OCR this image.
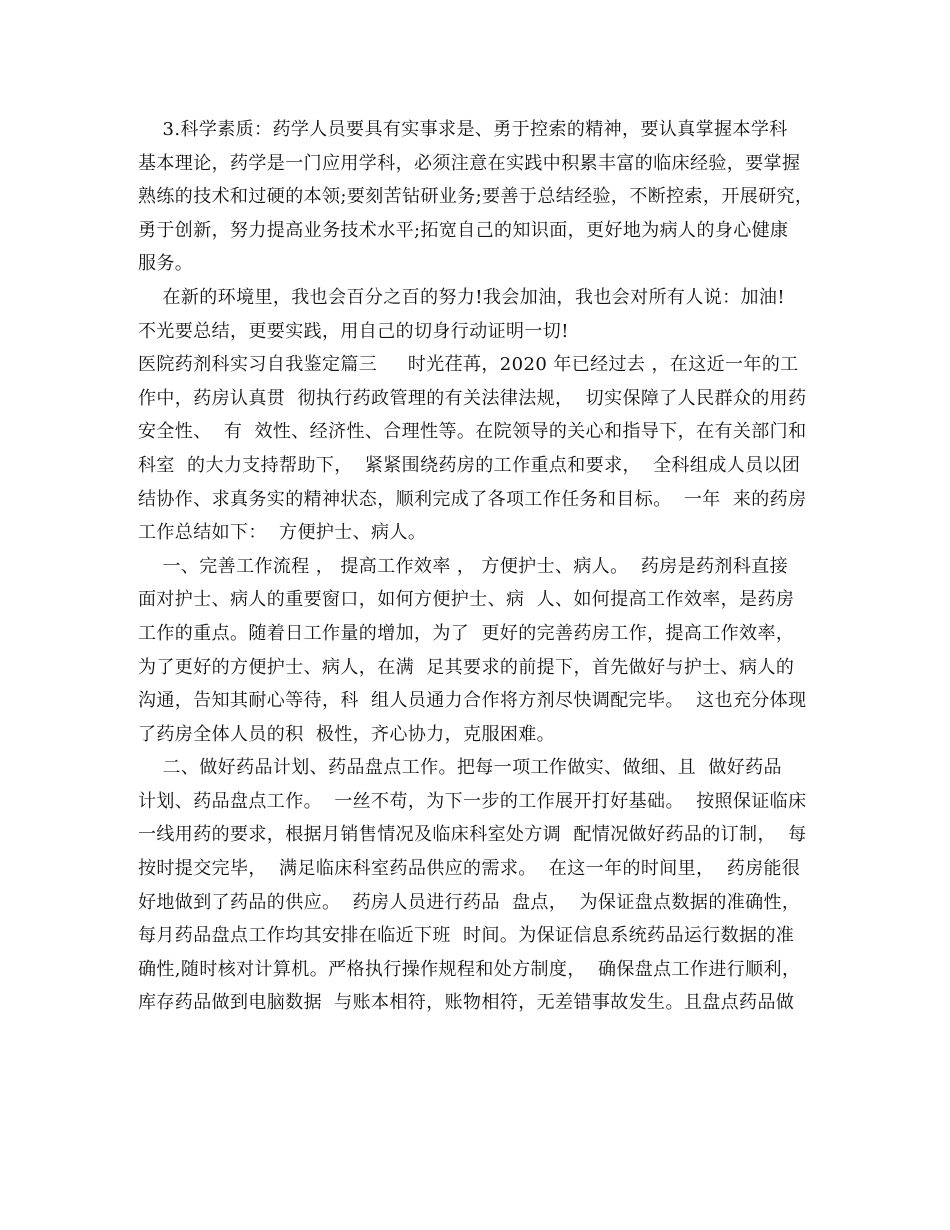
3.科学素质：药学人员要具有实事求是、勇于控索的精神，要认真掌握本学科
基本理论，药学是一门应用学科，必须注意在实践中积累丰富的临床经验，要掌握
熟练的技术和过硬的本领;要刻苦钻研业务;要善于总结经验，不断控索，开展研究，
勇于创新，努力提高业务技术水平;拓宽自己的知识面，更好地为病人的身心健康
服务。
在新的环境里，我也会百分之百的努力!我会加油，我也会对所有人说：加油!
不光要总结，更要实践，用自己的切身行动证明一切!
医院药剂科实习自我鉴定篇三     时光荏苒，2020 年已经过去 ，在这近一年的工
作中，药房认真贯  彻执行药政管理的有关法律法规，  切实保障了人民群众的用药
安全性、  有  效性、经济性、合理性等。在院领导的关心和指导下，在有关部门和
科室  的大力支持帮助下，  紧紧围绕药房的工作重点和要求，  全科组成人员以团
结协作、求真务实的精神状态，顺利完成了各项工作任务和目标。  一年  来的药房
工作总结如下：  方便护士、病人。
一、完善工作流程 ， 提高工作效率 ， 方便护士、病人。  药房是药剂科直接
面对护士、病人的重要窗口，如何方便护士、病  人、如何提高工作效率，是药房
工作的重点。随着日工作量的增加，为了  更好的完善药房工作，提高工作效率，
为了更好的方便护士、病人，在满  足其要求的前提下，首先做好与护士、病人的
沟通，告知其耐心等待，科  组人员通力合作将方剂尽快调配完毕。  这也充分体现
了药房全体人员的积  极性，齐心协力，克服困难。
二、做好药品计划、药品盘点工作。把每一项工作做实、做细、且  做好药品
计划、药品盘点工作。  一丝不苟，为下一步的工作展开打好基础。  按照保证临床
一线用药的要求，根据月销售情况及临床科室处方调  配情况做好药品的订制，  每
按时提交完毕，  满足临床科室药品供应的需求。  在这一年的时间里，  药房能很
好地做到了药品的供应。  药房人员进行药品  盘点，  为保证盘点数据的准确性，
每月药品盘点工作均其安排在临近下班  时间。为保证信息系统药品运行数据的准
确性,随时核对计算机。严格执行操作规程和处方制度，  确保盘点工作进行顺利，
库存药品做到电脑数据  与账本相符，账物相符，无差错事故发生。且盘点药品做
